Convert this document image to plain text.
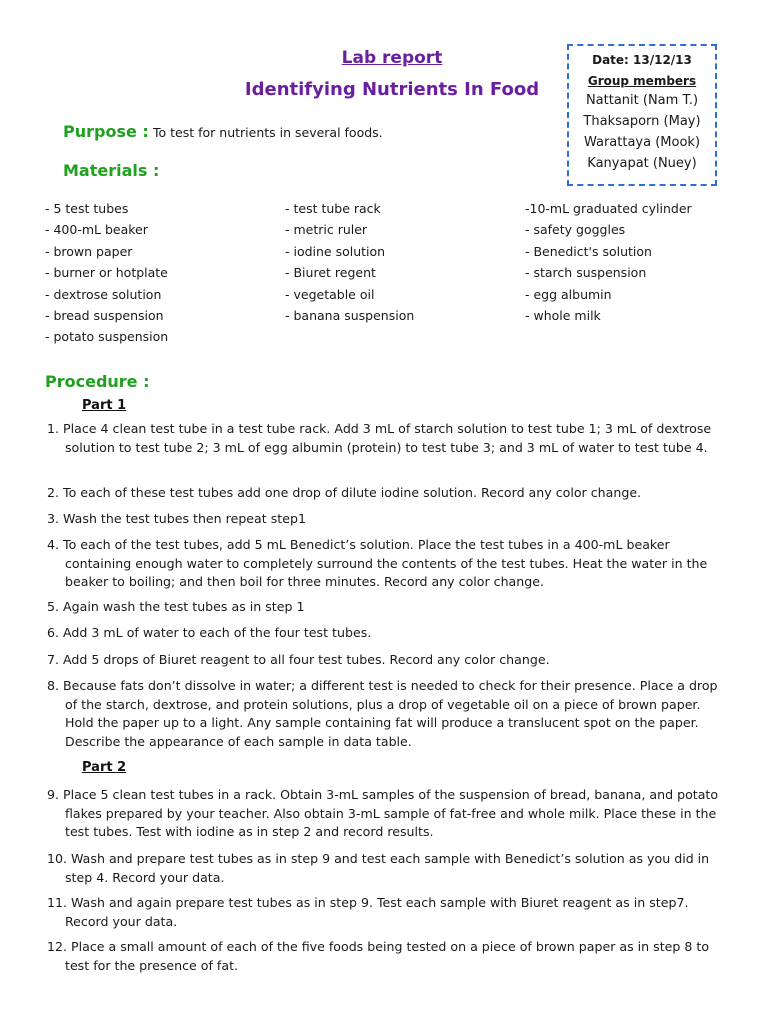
Lab report
Identifying Nutrients In Food
Date: 13/12/13
Group members
Nattanit (Nam T.)
Thaksaporn (May)
Warattaya (Mook)
Kanyapat (Nuey)
Purpose : To test for nutrients in several foods.
Materials :
- 5 test tubes
- 400-mL beaker
- brown paper
- burner or hotplate
- dextrose solution
- bread suspension
- potato suspension
- test tube rack
- metric ruler
- iodine solution
- Biuret regent
- vegetable oil
- banana suspension
-10-mL graduated cylinder
- safety goggles
- Benedict's solution
- starch suspension
- egg albumin
- whole milk
Procedure :
Part 1
1. Place 4 clean test tube in a test tube rack. Add 3 mL of starch solution to test tube 1; 3 mL of dextrose solution to test tube 2; 3 mL of egg albumin (protein) to test tube 3; and 3 mL of water to test tube 4.
2. To each of these test tubes add one drop of dilute iodine solution. Record any color change.
3. Wash the test tubes then repeat step1
4. To each of the test tubes, add 5 mL Benedict’s solution. Place the test tubes in a 400-mL beaker containing enough water to completely surround the contents of the test tubes. Heat the water in the beaker to boiling; and then boil for three minutes. Record any color change.
5. Again wash the test tubes as in step 1
6. Add 3 mL of water to each of the four test tubes.
7. Add 5 drops of Biuret reagent to all four test tubes. Record any color change.
8. Because fats don’t dissolve in water; a different test is needed to check for their presence. Place a drop of the starch, dextrose, and protein solutions, plus a drop of vegetable oil on a piece of brown paper. Hold the paper up to a light. Any sample containing fat will produce a translucent spot on the paper. Describe the appearance of each sample in data table.
Part 2
9. Place 5 clean test tubes in a rack. Obtain 3-mL samples of the suspension of bread, banana, and potato flakes prepared by your teacher. Also obtain 3-mL sample of fat-free and whole milk. Place these in the test tubes. Test with iodine as in step 2 and record results.
10. Wash and prepare test tubes as in step 9 and test each sample with Benedict’s solution as you did in step 4. Record your data.
11. Wash and again prepare test tubes as in step 9. Test each sample with Biuret reagent as in step7. Record your data.
12. Place a small amount of each of the five foods being tested on a piece of brown paper as in step 8 to test for the presence of fat.
